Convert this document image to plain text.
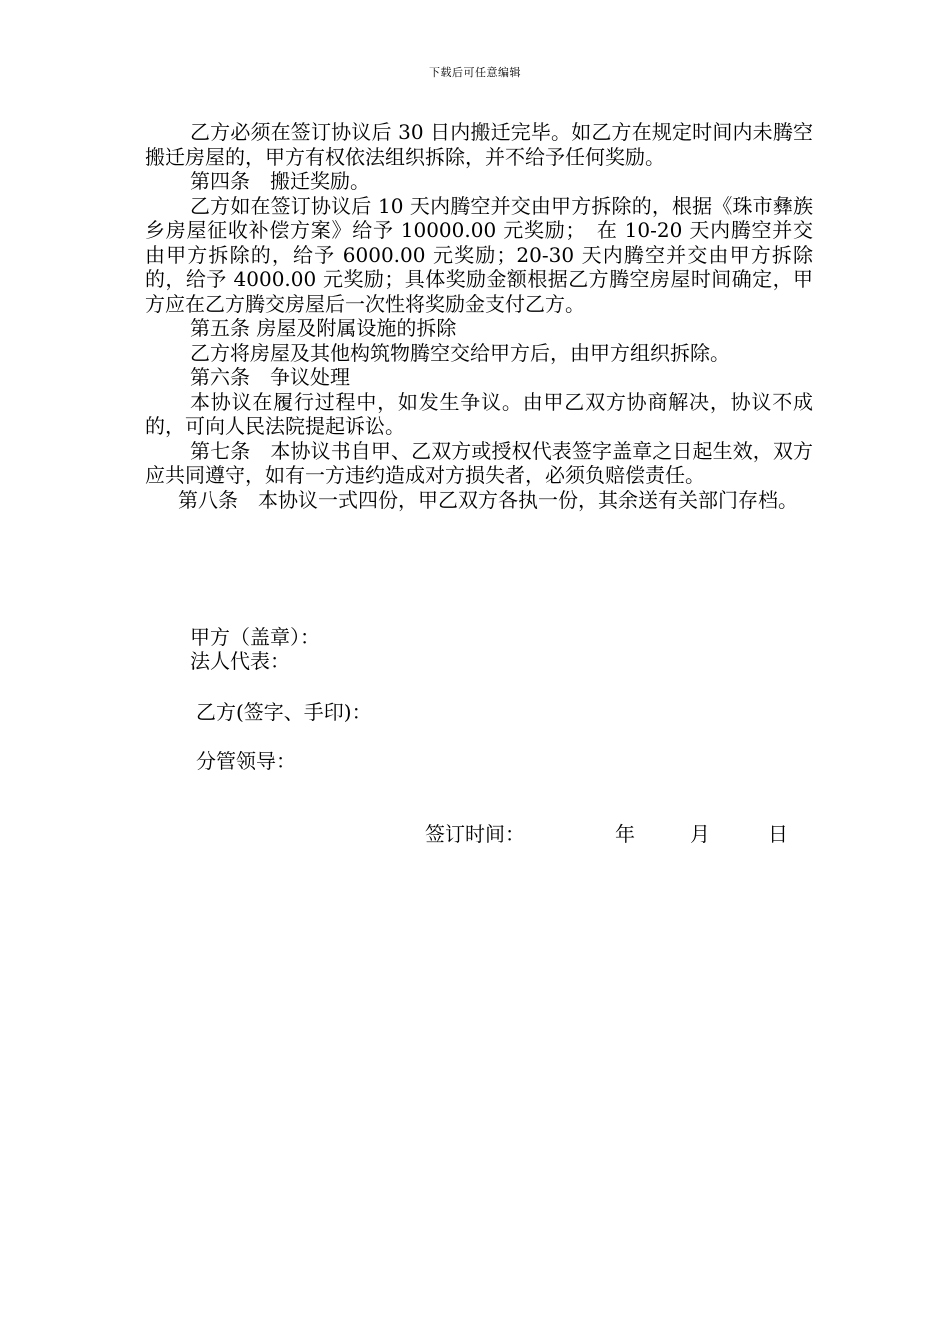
下载后可任意编辑

乙方必须在签订协议后 30 日内搬迁完毕。如乙方在规定时间内未腾空搬迁房屋的，甲方有权依法组织拆除，并不给予任何奖励。

第四条　搬迁奖励。

乙方如在签订协议后 10 天内腾空并交由甲方拆除的，根据《珠市彝族乡房屋征收补偿方案》给予 10000.00 元奖励；　在 10-20 天内腾空并交由甲方拆除的，给予 6000.00 元奖励；20-30 天内腾空并交由甲方拆除的，给予 4000.00 元奖励；具体奖励金额根据乙方腾空房屋时间确定，甲方应在乙方腾交房屋后一次性将奖励金支付乙方。

第五条 房屋及附属设施的拆除

乙方将房屋及其他构筑物腾空交给甲方后，由甲方组织拆除。

第六条　争议处理

本协议在履行过程中，如发生争议。由甲乙双方协商解决，协议不成的，可向人民法院提起诉讼。

第七条　本协议书自甲、乙双方或授权代表签字盖章之日起生效，双方应共同遵守，如有一方违约造成对方损失者，必须负赔偿责任。

第八条　本协议一式四份，甲乙双方各执一份，其余送有关部门存档。

甲方（盖章）：
法人代表：
乙方(签字、手印)：
分管领导：
签订时间：	年	月	日
